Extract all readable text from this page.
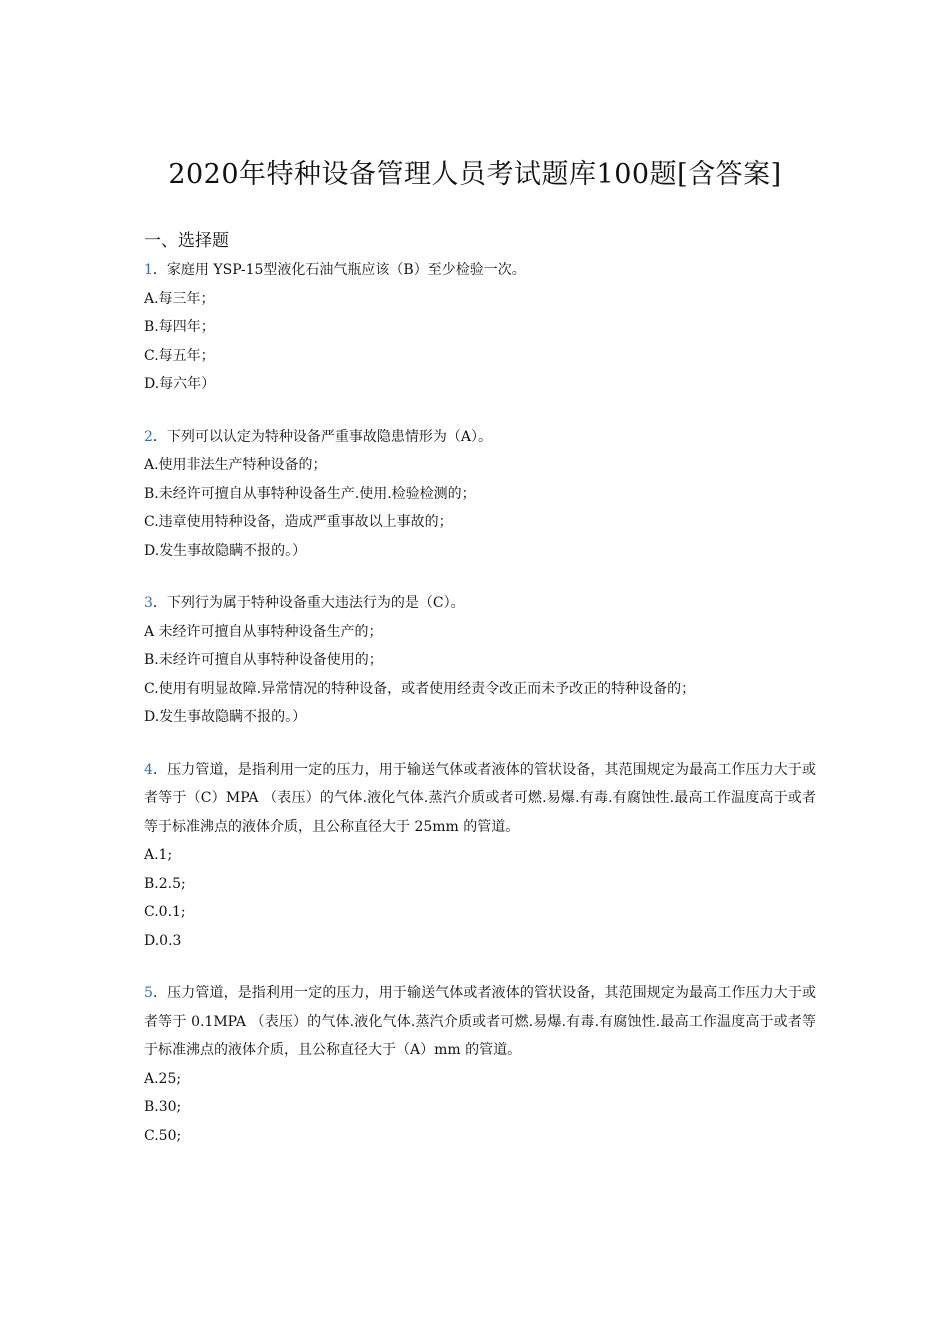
2020年特种设备管理人员考试题库100题[含答案]
一、选择题
1．家庭用 YSP-15型液化石油气瓶应该（B）至少检验一次。
A.每三年；
B.每四年；
C.每五年；
D.每六年）
2．下列可以认定为特种设备严重事故隐患情形为（A）。
A.使用非法生产特种设备的；
B.未经许可擅自从事特种设备生产.使用.检验检测的；
C.违章使用特种设备，造成严重事故以上事故的；
D.发生事故隐瞒不报的。）
3．下列行为属于特种设备重大违法行为的是（C）。
A 未经许可擅自从事特种设备生产的；
B.未经许可擅自从事特种设备使用的；
C.使用有明显故障.异常情况的特种设备，或者使用经责令改正而未予改正的特种设备的；
D.发生事故隐瞒不报的。）
4．压力管道，是指利用一定的压力，用于输送气体或者液体的管状设备，其范围规定为最高工作压力大于或者等于（C）MPA （表压）的气体.液化气体.蒸汽介质或者可燃.易爆.有毒.有腐蚀性.最高工作温度高于或者等于标准沸点的液体介质，且公称直径大于 25mm 的管道。
A.1;
B.2.5;
C.0.1;
D.0.3
5．压力管道，是指利用一定的压力，用于输送气体或者液体的管状设备，其范围规定为最高工作压力大于或者等于 0.1MPA （表压）的气体.液化气体.蒸汽介质或者可燃.易爆.有毒.有腐蚀性.最高工作温度高于或者等于标准沸点的液体介质，且公称直径大于（A）mm 的管道。
A.25;
B.30;
C.50;
